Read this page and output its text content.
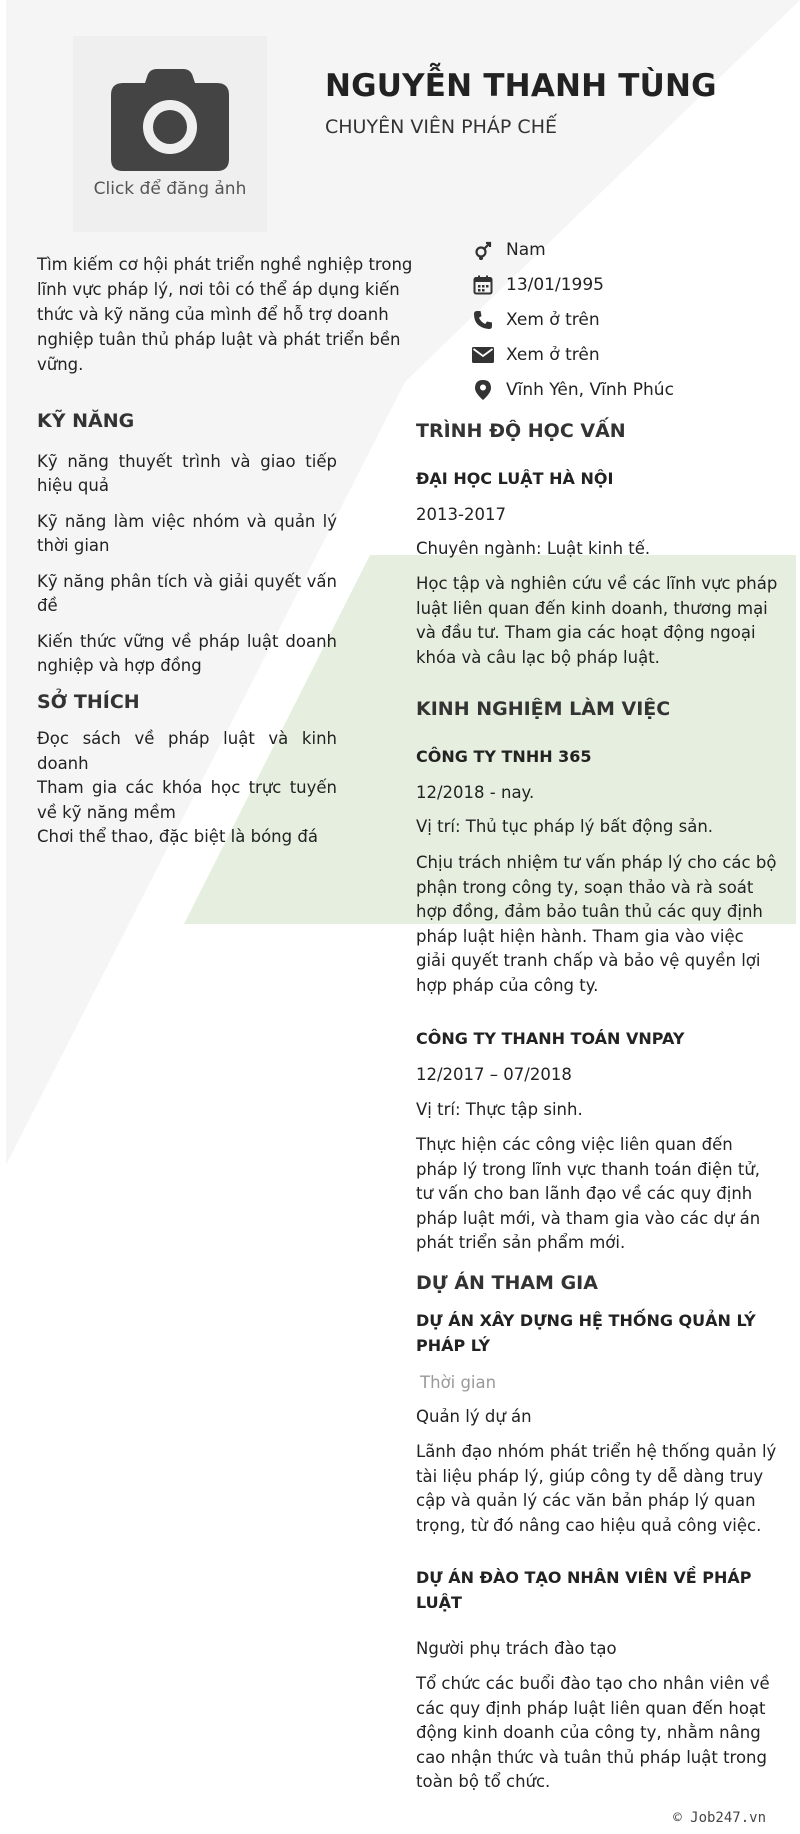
Click để đăng ảnh
NGUYỄN THANH TÙNG
CHUYÊN VIÊN PHÁP CHẾ
Tìm kiếm cơ hội phát triển nghề nghiệp trong lĩnh vực pháp lý, nơi tôi có thể áp dụng kiến thức và kỹ năng của mình để hỗ trợ doanh nghiệp tuân thủ pháp luật và phát triển bền vững.
Nam
13/01/1995
Xem ở trên
Xem ở trên
Vĩnh Yên, Vĩnh Phúc
KỸ NĂNG
Kỹ năng thuyết trình và giao tiếp hiệu quả
Kỹ năng làm việc nhóm và quản lý thời gian
Kỹ năng phân tích và giải quyết vấn đề
Kiến thức vững về pháp luật doanh nghiệp và hợp đồng
SỞ THÍCH
Đọc sách về pháp luật và kinh doanh
Tham gia các khóa học trực tuyến về kỹ năng mềm
Chơi thể thao, đặc biệt là bóng đá
TRÌNH ĐỘ HỌC VẤN
ĐẠI HỌC LUẬT HÀ NỘI
2013-2017
Chuyên ngành: Luật kinh tế.
Học tập và nghiên cứu về các lĩnh vực pháp luật liên quan đến kinh doanh, thương mại và đầu tư. Tham gia các hoạt động ngoại khóa và câu lạc bộ pháp luật.
KINH NGHIỆM LÀM VIỆC
CÔNG TY TNHH 365
12/2018 - nay.
Vị trí: Thủ tục pháp lý bất động sản.
Chịu trách nhiệm tư vấn pháp lý cho các bộ phận trong công ty, soạn thảo và rà soát hợp đồng, đảm bảo tuân thủ các quy định pháp luật hiện hành. Tham gia vào việc giải quyết tranh chấp và bảo vệ quyền lợi hợp pháp của công ty.
CÔNG TY THANH TOÁN VNPAY
12/2017 – 07/2018
Vị trí: Thực tập sinh.
Thực hiện các công việc liên quan đến pháp lý trong lĩnh vực thanh toán điện tử, tư vấn cho ban lãnh đạo về các quy định pháp luật mới, và tham gia vào các dự án phát triển sản phẩm mới.
DỰ ÁN THAM GIA
DỰ ÁN XÂY DỰNG HỆ THỐNG QUẢN LÝ PHÁP LÝ
Thời gian
Quản lý dự án
Lãnh đạo nhóm phát triển hệ thống quản lý tài liệu pháp lý, giúp công ty dễ dàng truy cập và quản lý các văn bản pháp lý quan trọng, từ đó nâng cao hiệu quả công việc.
DỰ ÁN ĐÀO TẠO NHÂN VIÊN VỀ PHÁP LUẬT
Người phụ trách đào tạo
Tổ chức các buổi đào tạo cho nhân viên về các quy định pháp luật liên quan đến hoạt động kinh doanh của công ty, nhằm nâng cao nhận thức và tuân thủ pháp luật trong toàn bộ tổ chức.
© Job247.vn
